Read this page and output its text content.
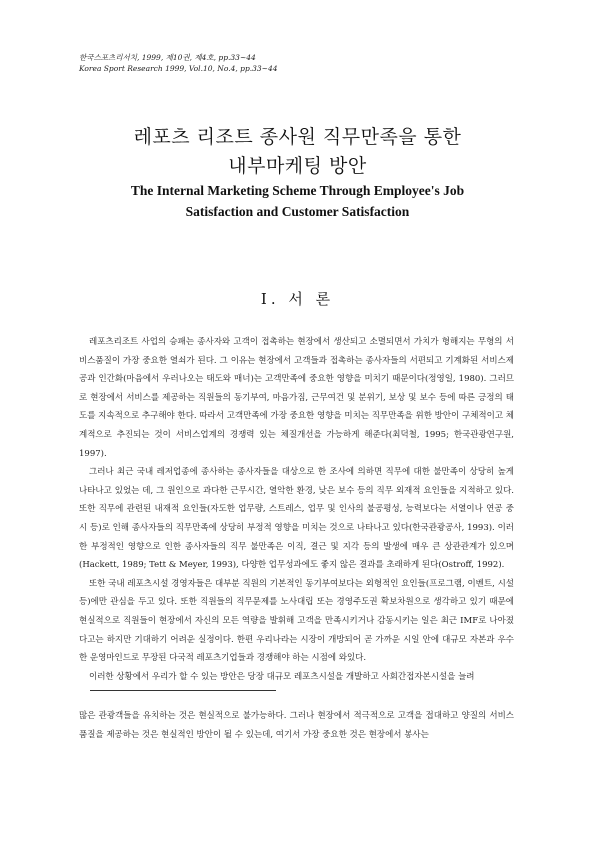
한국스포츠리서치, 1999, 제10권, 제4호, pp.33~44
Korea Sport Research 1999, Vol.10, No.4, pp.33~44
레포츠 리조트 종사원 직무만족을 통한
내부마케팅 방안
The Internal Marketing Scheme Through Employee's Job
Satisfaction and Customer Satisfaction
Ⅰ. 서 론

레포츠리조트 사업의 승패는 종사자와 고객이 접촉하는 현장에서 생산되고 소멸되면서 가치가 형해지는 무형의 서비스품질이 가장 중요한 열쇠가 된다. 그 이유는 현장에서 고객들과 접촉하는 종사자들의 서편되고 기계화된 서비스제공과 인간화(마음에서 우러나오는 태도와 매너)는 고객만족에 중요한 영향을 미치기 때문이다(정영일, 1980). 그러므로 현장에서 서비스를 제공하는 직원들의 동기부여, 마음가짐, 근무여건 및 분위기, 보상 및 보수 등에 따른 긍정의 태도를 지속적으로 추구해야 한다. 따라서 고객만족에 가장 중요한 영향을 미치는 직무만족을 위한 방안이 구체적이고 체계적으로 추진되는 것이 서비스업계의 경쟁력 있는 체질개선을 가능하게 해준다(최덕철, 1995; 한국관광연구원, 1997).

그러나 최근 국내 레저업종에 종사하는 종사자들을 대상으로 한 조사에 의하면 직무에 대한 불만족이 상당히 높게 나타나고 있었는 데, 그 원인으로 과다한 근무시간, 열악한 환경, 낮은 보수 등의 직무 외재적 요인들을 지적하고 있다. 또한 직무에 관련된 내재적 요인들(자도한 업무량, 스트레스, 업무 및 인사의 불공평성, 능력보다는 서열이나 연공 중시 등)로 인해 종사자들의 직무만족에 상당히 부정적 영향을 미치는 것으로 나타나고 있다(한국관광공사, 1993). 이러한 부정적인 영향으로 인한 종사자들의 직무 불만족은 이직, 결근 및 지각 등의 발생에 매우 큰 상관관계가 있으며(Hackett, 1989; Tett & Meyer, 1993), 다양한 업무성과에도 좋지 않은 결과를 초래하게 된다(Ostroff, 1992).

또한 국내 레포츠시설 경영자들은 대부분 직원의 기본적인 동기부여보다는 외형적인 요인들(프로그램, 이벤트, 시설 등)에만 관심을 두고 있다. 또한 직원들의 직무문제를 노사대립 또는 경영주도권 확보차원으로 생각하고 있기 때문에 현실적으로 직원들이 현장에서 자신의 모든 역량을 발휘해 고객을 만족시키거나 감동시키는 일은 최근 IMF로 나아졌다고는 하지만 기대하기 어려운 실정이다. 한편 우리나라는 시장이 개방되어 곧 가까운 시일 안에 대규모 자본과 우수한 운영마인드로 무장된 다국적 레포츠기업들과 경쟁해야 하는 시점에 와있다.

이러한 상황에서 우리가 할 수 있는 방안은 당장 대규모 레포츠시설을 개발하고 사회간접자본시설을 늘려

많은 관광객들을 유치하는 것은 현실적으로 불가능하다. 그러나 현장에서 적극적으로 고객을 접대하고 양질의 서비스품질을 제공하는 것은 현실적인 방안이 될 수 있는데, 여기서 가장 중요한 것은 현장에서 봉사는
